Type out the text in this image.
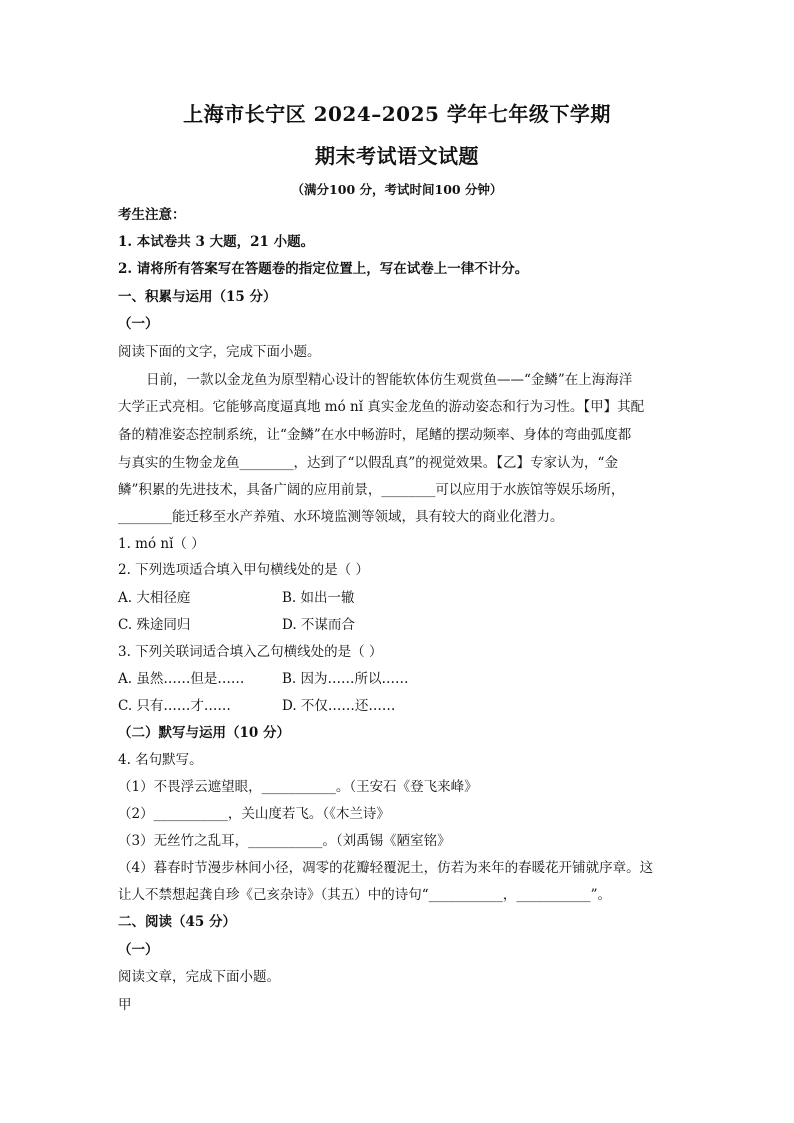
上海市长宁区 2024–2025 学年七年级下学期
期末考试语文试题
（满分100 分，考试时间100 分钟）
考生注意：
1. 本试卷共 3 大题，21 小题。
2. 请将所有答案写在答题卷的指定位置上，写在试卷上一律不计分。
一、积累与运用（15 分）
（一）
阅读下面的文字，完成下面小题。
日前，一款以金龙鱼为原型精心设计的智能软体仿生观赏鱼——“金鳞”在上海海洋
大学正式亮相。它能够高度逼真地 mó nǐ 真实金龙鱼的游动姿态和行为习性。【甲】其配
备的精准姿态控制系统，让“金鳞”在水中畅游时，尾鳍的摆动频率、身体的弯曲弧度都
与真实的生物金龙鱼________，达到了“以假乱真”的视觉效果。【乙】专家认为，“金
鳞”积累的先进技术，具备广阔的应用前景，________可以应用于水族馆等娱乐场所，
________能迁移至水产养殖、水环境监测等领域，具有较大的商业化潜力。
1. mó nǐ（ ）
2. 下列选项适合填入甲句横线处的是（ ）
A. 大相径庭	B. 如出一辙
C. 殊途同归	D. 不谋而合
3. 下列关联词适合填入乙句横线处的是（ ）
A. 虽然……但是……	B. 因为……所以……
C. 只有……才……	D. 不仅……还……
（二）默写与运用（10 分）
4. 名句默写。
（1）不畏浮云遮望眼，___________。（王安石《登飞来峰》
（2）___________，关山度若飞。（《木兰诗》
（3）无丝竹之乱耳，___________。（刘禹锡《陋室铭》
（4）暮春时节漫步林间小径，凋零的花瓣轻覆泥土，仿若为来年的春暖花开铺就序章。这
让人不禁想起龚自珍《己亥杂诗》（其五）中的诗句“___________，___________”。
二、阅读（45 分）
（一）
阅读文章，完成下面小题。
甲
